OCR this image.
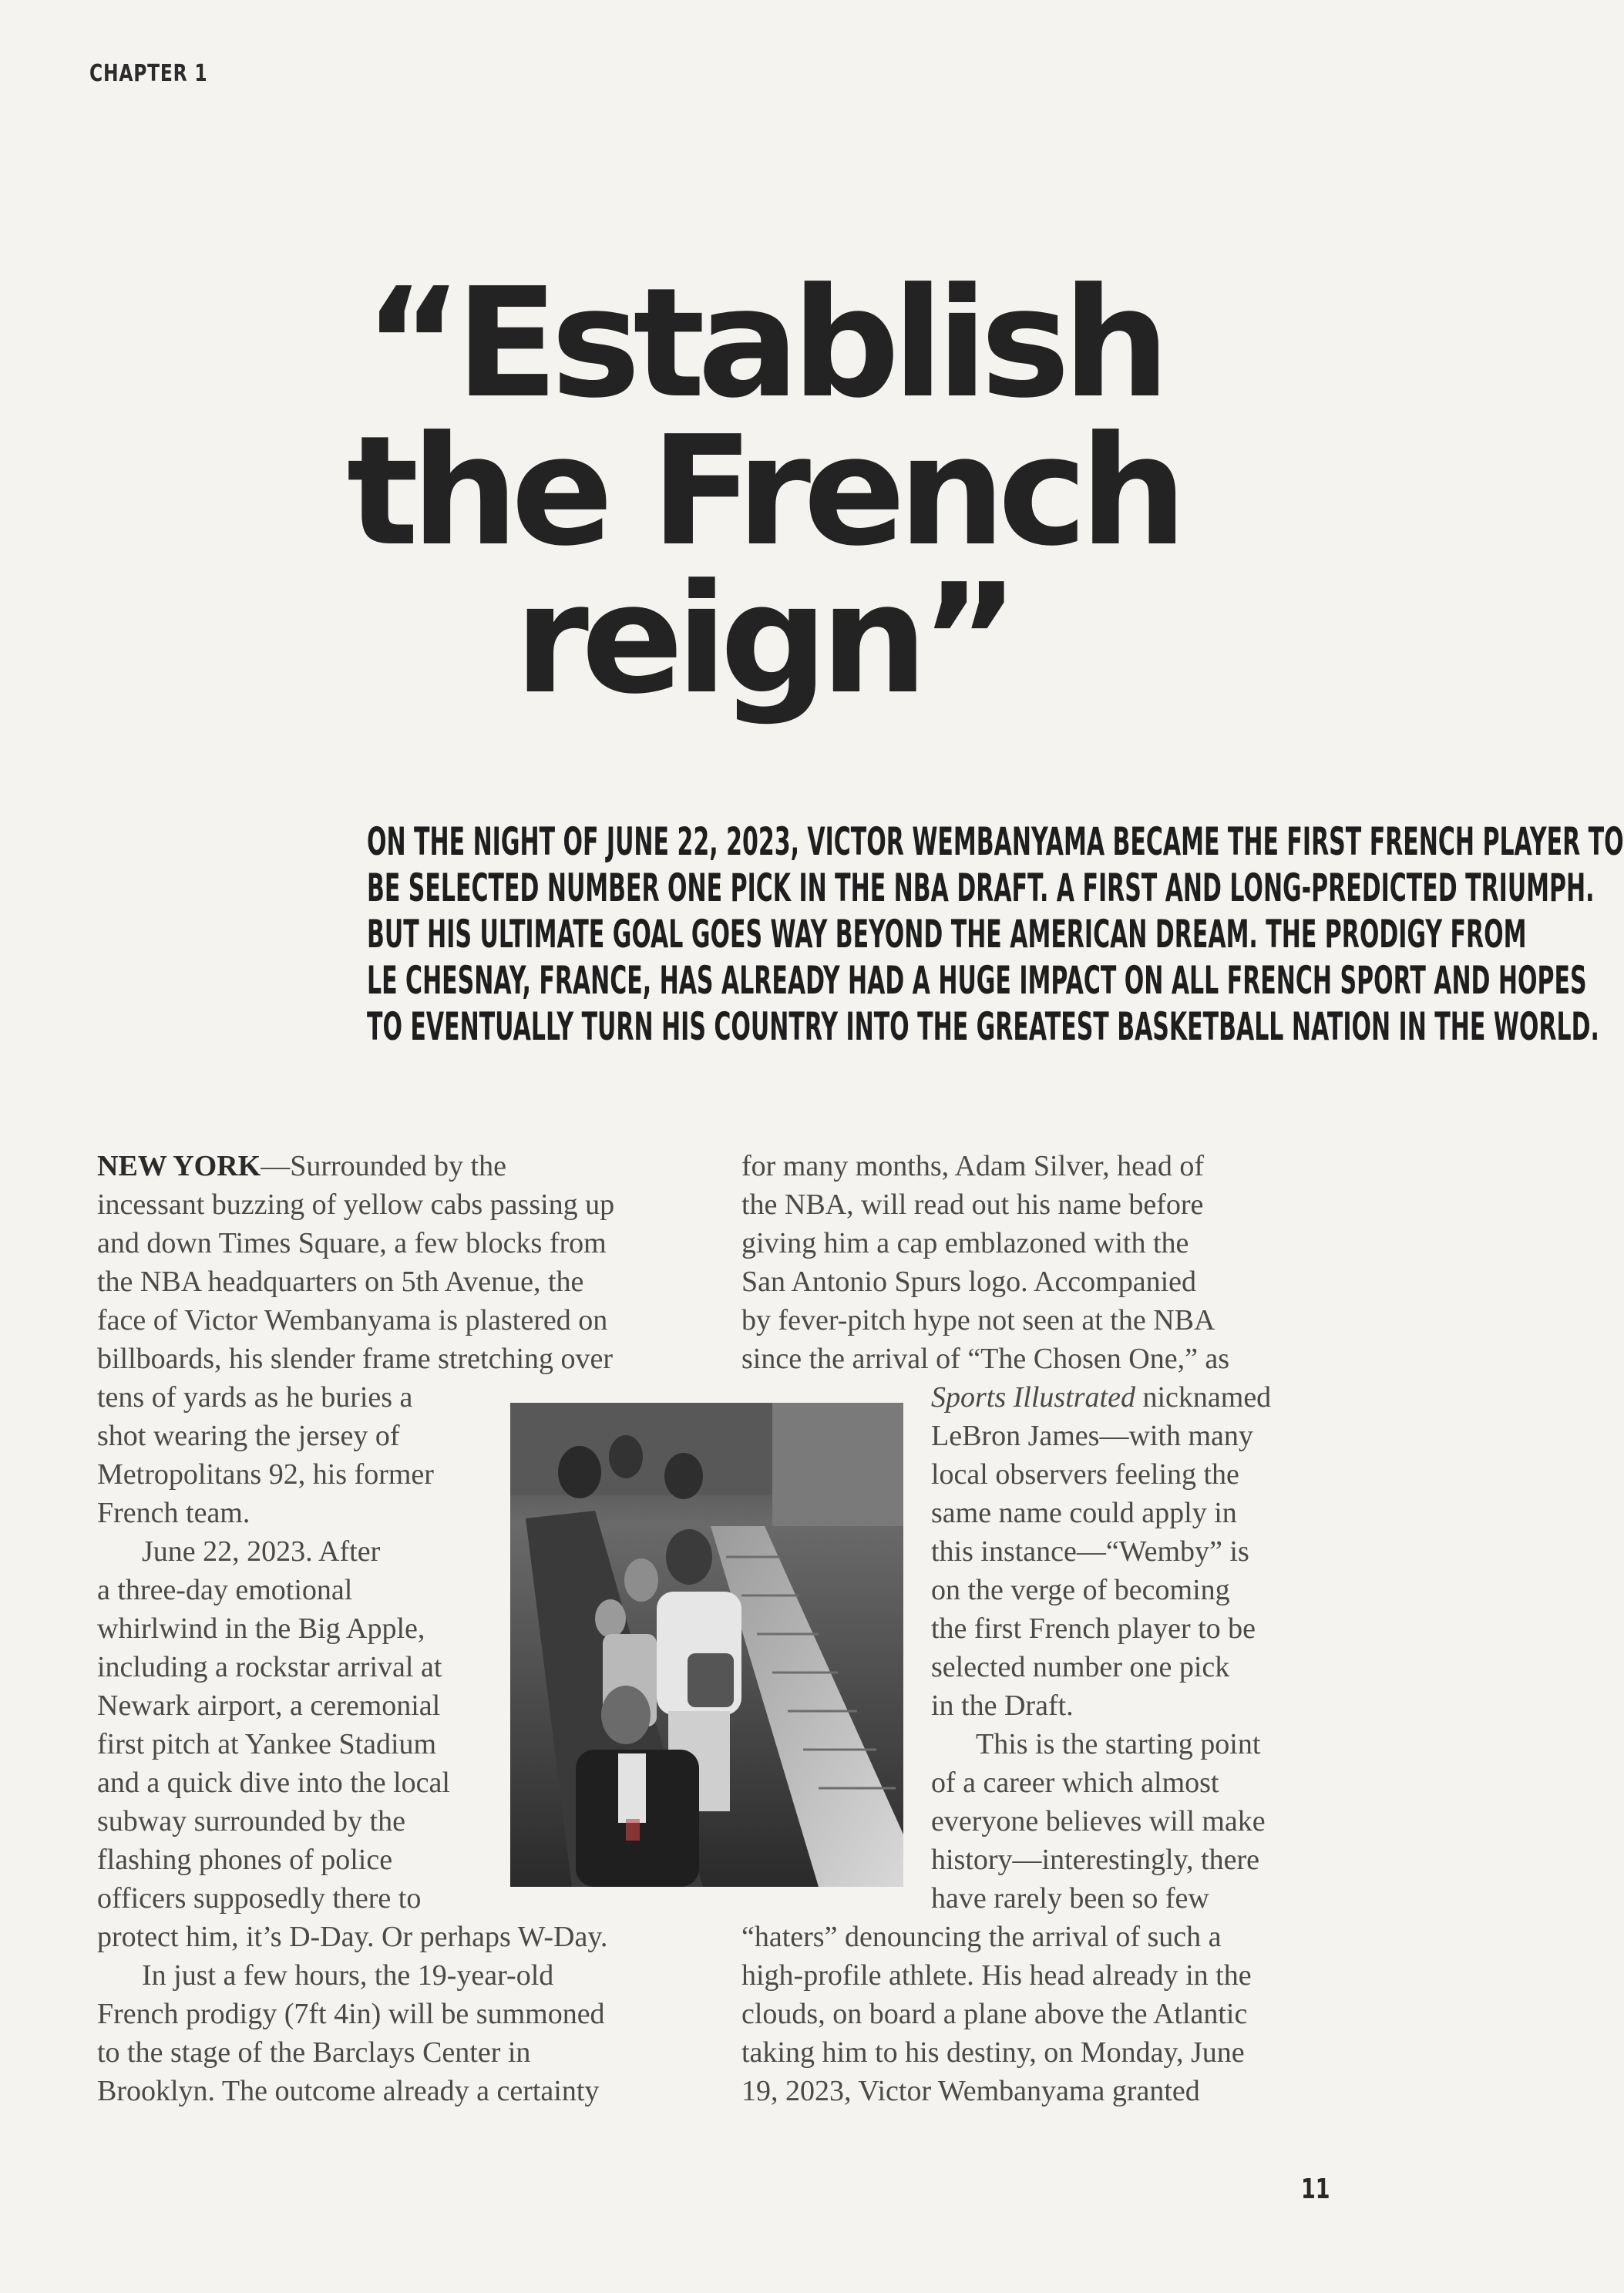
CHAPTER 1
“Establish
the French
reign”
ON THE NIGHT OF JUNE 22, 2023, VICTOR WEMBANYAMA BECAME THE FIRST FRENCH PLAYER TO
BE SELECTED NUMBER ONE PICK IN THE NBA DRAFT. A FIRST AND LONG-PREDICTED TRIUMPH.
BUT HIS ULTIMATE GOAL GOES WAY BEYOND THE AMERICAN DREAM. THE PRODIGY FROM
LE CHESNAY, FRANCE, HAS ALREADY HAD A HUGE IMPACT ON ALL FRENCH SPORT AND HOPES
TO EVENTUALLY TURN HIS COUNTRY INTO THE GREATEST BASKETBALL NATION IN THE WORLD.
NEW YORK—Surrounded by the
incessant buzzing of yellow cabs passing up
and down Times Square, a few blocks from
the NBA headquarters on 5th Avenue, the
face of Victor Wembanyama is plastered on
billboards, his slender frame stretching over
tens of yards as he buries a
shot wearing the jersey of
Metropolitans 92, his former
French team.
June 22, 2023. After
a three-day emotional
whirlwind in the Big Apple,
including a rockstar arrival at
Newark airport, a ceremonial
first pitch at Yankee Stadium
and a quick dive into the local
subway surrounded by the
flashing phones of police
officers supposedly there to
protect him, it’s D-Day. Or perhaps W-Day.
In just a few hours, the 19-year-old
French prodigy (7ft 4in) will be summoned
to the stage of the Barclays Center in
Brooklyn. The outcome already a certainty
for many months, Adam Silver, head of
the NBA, will read out his name before
giving him a cap emblazoned with the
San Antonio Spurs logo. Accompanied
by fever-pitch hype not seen at the NBA
since the arrival of “The Chosen One,” as
Sports Illustrated nicknamed
LeBron James—with many
local observers feeling the
same name could apply in
this instance—“Wemby” is
on the verge of becoming
the first French player to be
selected number one pick
in the Draft.
This is the starting point
of a career which almost
everyone believes will make
history—interestingly, there
have rarely been so few
“haters” denouncing the arrival of such a
high-profile athlete. His head already in the
clouds, on board a plane above the Atlantic
taking him to his destiny, on Monday, June
19, 2023, Victor Wembanyama granted
11
